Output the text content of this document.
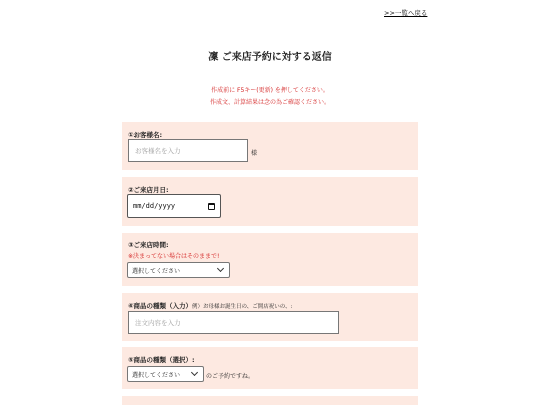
>>一覧へ戻る
凜 ご来店予約に対する返信
作成前に F5キー(更新) を押してください。
作成文、計算結果は念の為ご確認ください。
①お客様名:
お客様名を入力	様
②ご来店月日:
mm/dd/yyyy
③ご来店時間:
※決まってない場合はそのままで!
選択してください
④商品の種類（入力）例）お母様お誕生日の、ご開店祝いの、:
注文内容を入力
⑤商品の種類（選択）:
選択してください	のご予約ですね。
